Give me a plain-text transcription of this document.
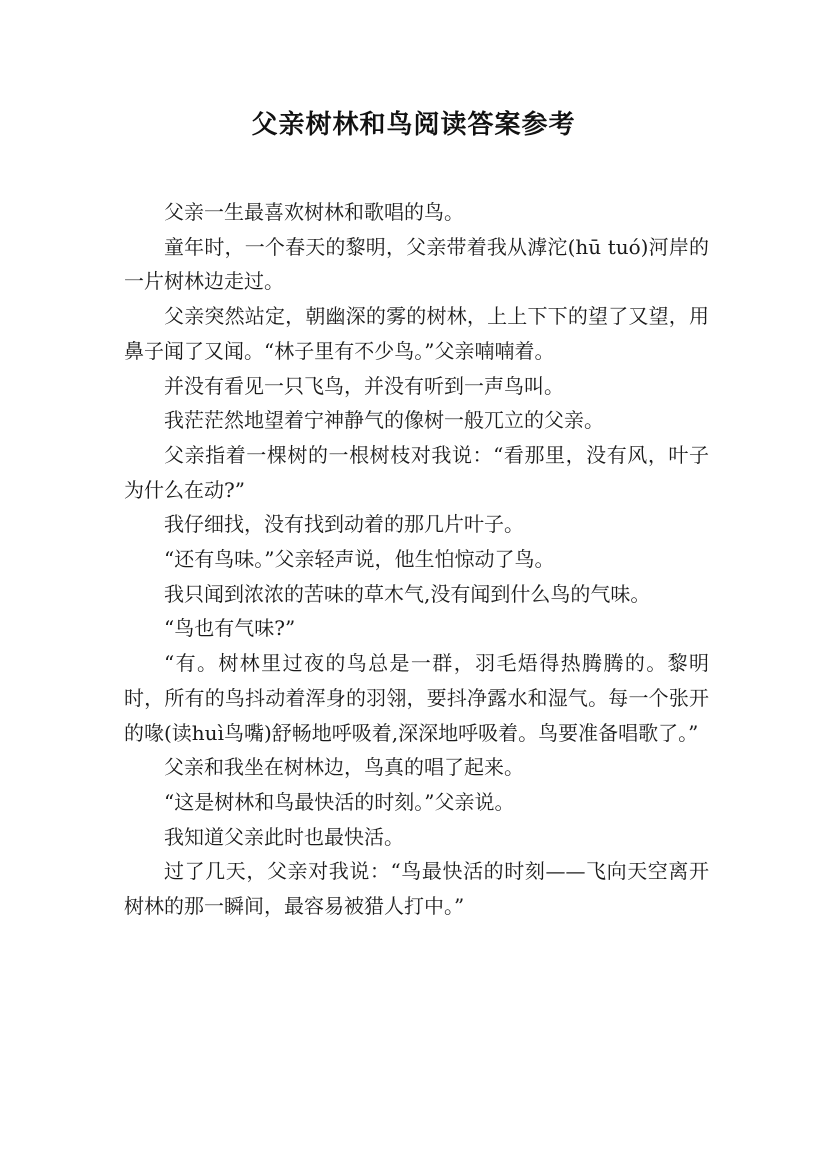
父亲树林和鸟阅读答案参考

父亲一生最喜欢树林和歌唱的鸟。

童年时，一个春天的黎明，父亲带着我从滹沱(hū tuó)河岸的一片树林边走过。

父亲突然站定，朝幽深的雾的树林，上上下下的望了又望，用鼻子闻了又闻。“林子里有不少鸟。”父亲喃喃着。

并没有看见一只飞鸟，并没有听到一声鸟叫。

我茫茫然地望着宁神静气的像树一般兀立的父亲。

父亲指着一棵树的一根树枝对我说：“看那里，没有风，叶子为什么在动?”

我仔细找，没有找到动着的那几片叶子。

“还有鸟味。”父亲轻声说，他生怕惊动了鸟。

我只闻到浓浓的苦味的草木气,没有闻到什么鸟的气味。

“鸟也有气味?”

“有。树林里过夜的鸟总是一群，羽毛焐得热腾腾的。黎明时，所有的鸟抖动着浑身的羽翎，要抖净露水和湿气。每一个张开的喙(读huì鸟嘴)舒畅地呼吸着,深深地呼吸着。鸟要准备唱歌了。”

父亲和我坐在树林边，鸟真的唱了起来。

“这是树林和鸟最快活的时刻。”父亲说。

我知道父亲此时也最快活。

过了几天，父亲对我说：“鸟最快活的时刻——飞向天空离开树林的那一瞬间，最容易被猎人打中。”
